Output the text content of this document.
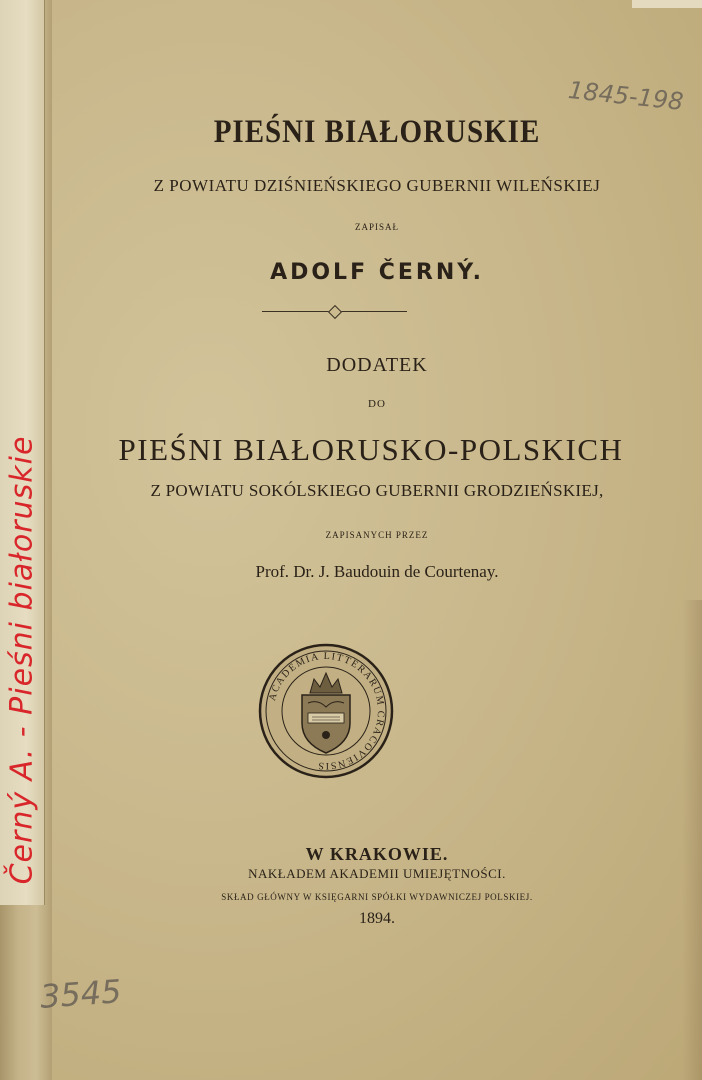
Černý A. - Pieśni białoruskie
1845-198
3545
PIEŚNI BIAŁORUSKIE
Z POWIATU DZIŚNIEŃSKIEGO GUBERNII WILEŃSKIEJ
ZAPISAŁ
ADOLF ČERNÝ.
DODATEK
DO
PIEŚNI BIAŁORUSKO-POLSKICH
Z POWIATU SOKÓLSKIEGO GUBERNII GRODZIEŃSKIEJ,
ZAPISANYCH PRZEZ
Prof. Dr. J. Baudouin de Courtenay.
ACADEMIA LITTERARUM CRACOVIENSIS
W KRAKOWIE.
NAKŁADEM AKADEMII UMIEJĘTNOŚCI.
SKŁAD GŁÓWNY W KSIĘGARNI SPÓŁKI WYDAWNICZEJ POLSKIEJ.
1894.
